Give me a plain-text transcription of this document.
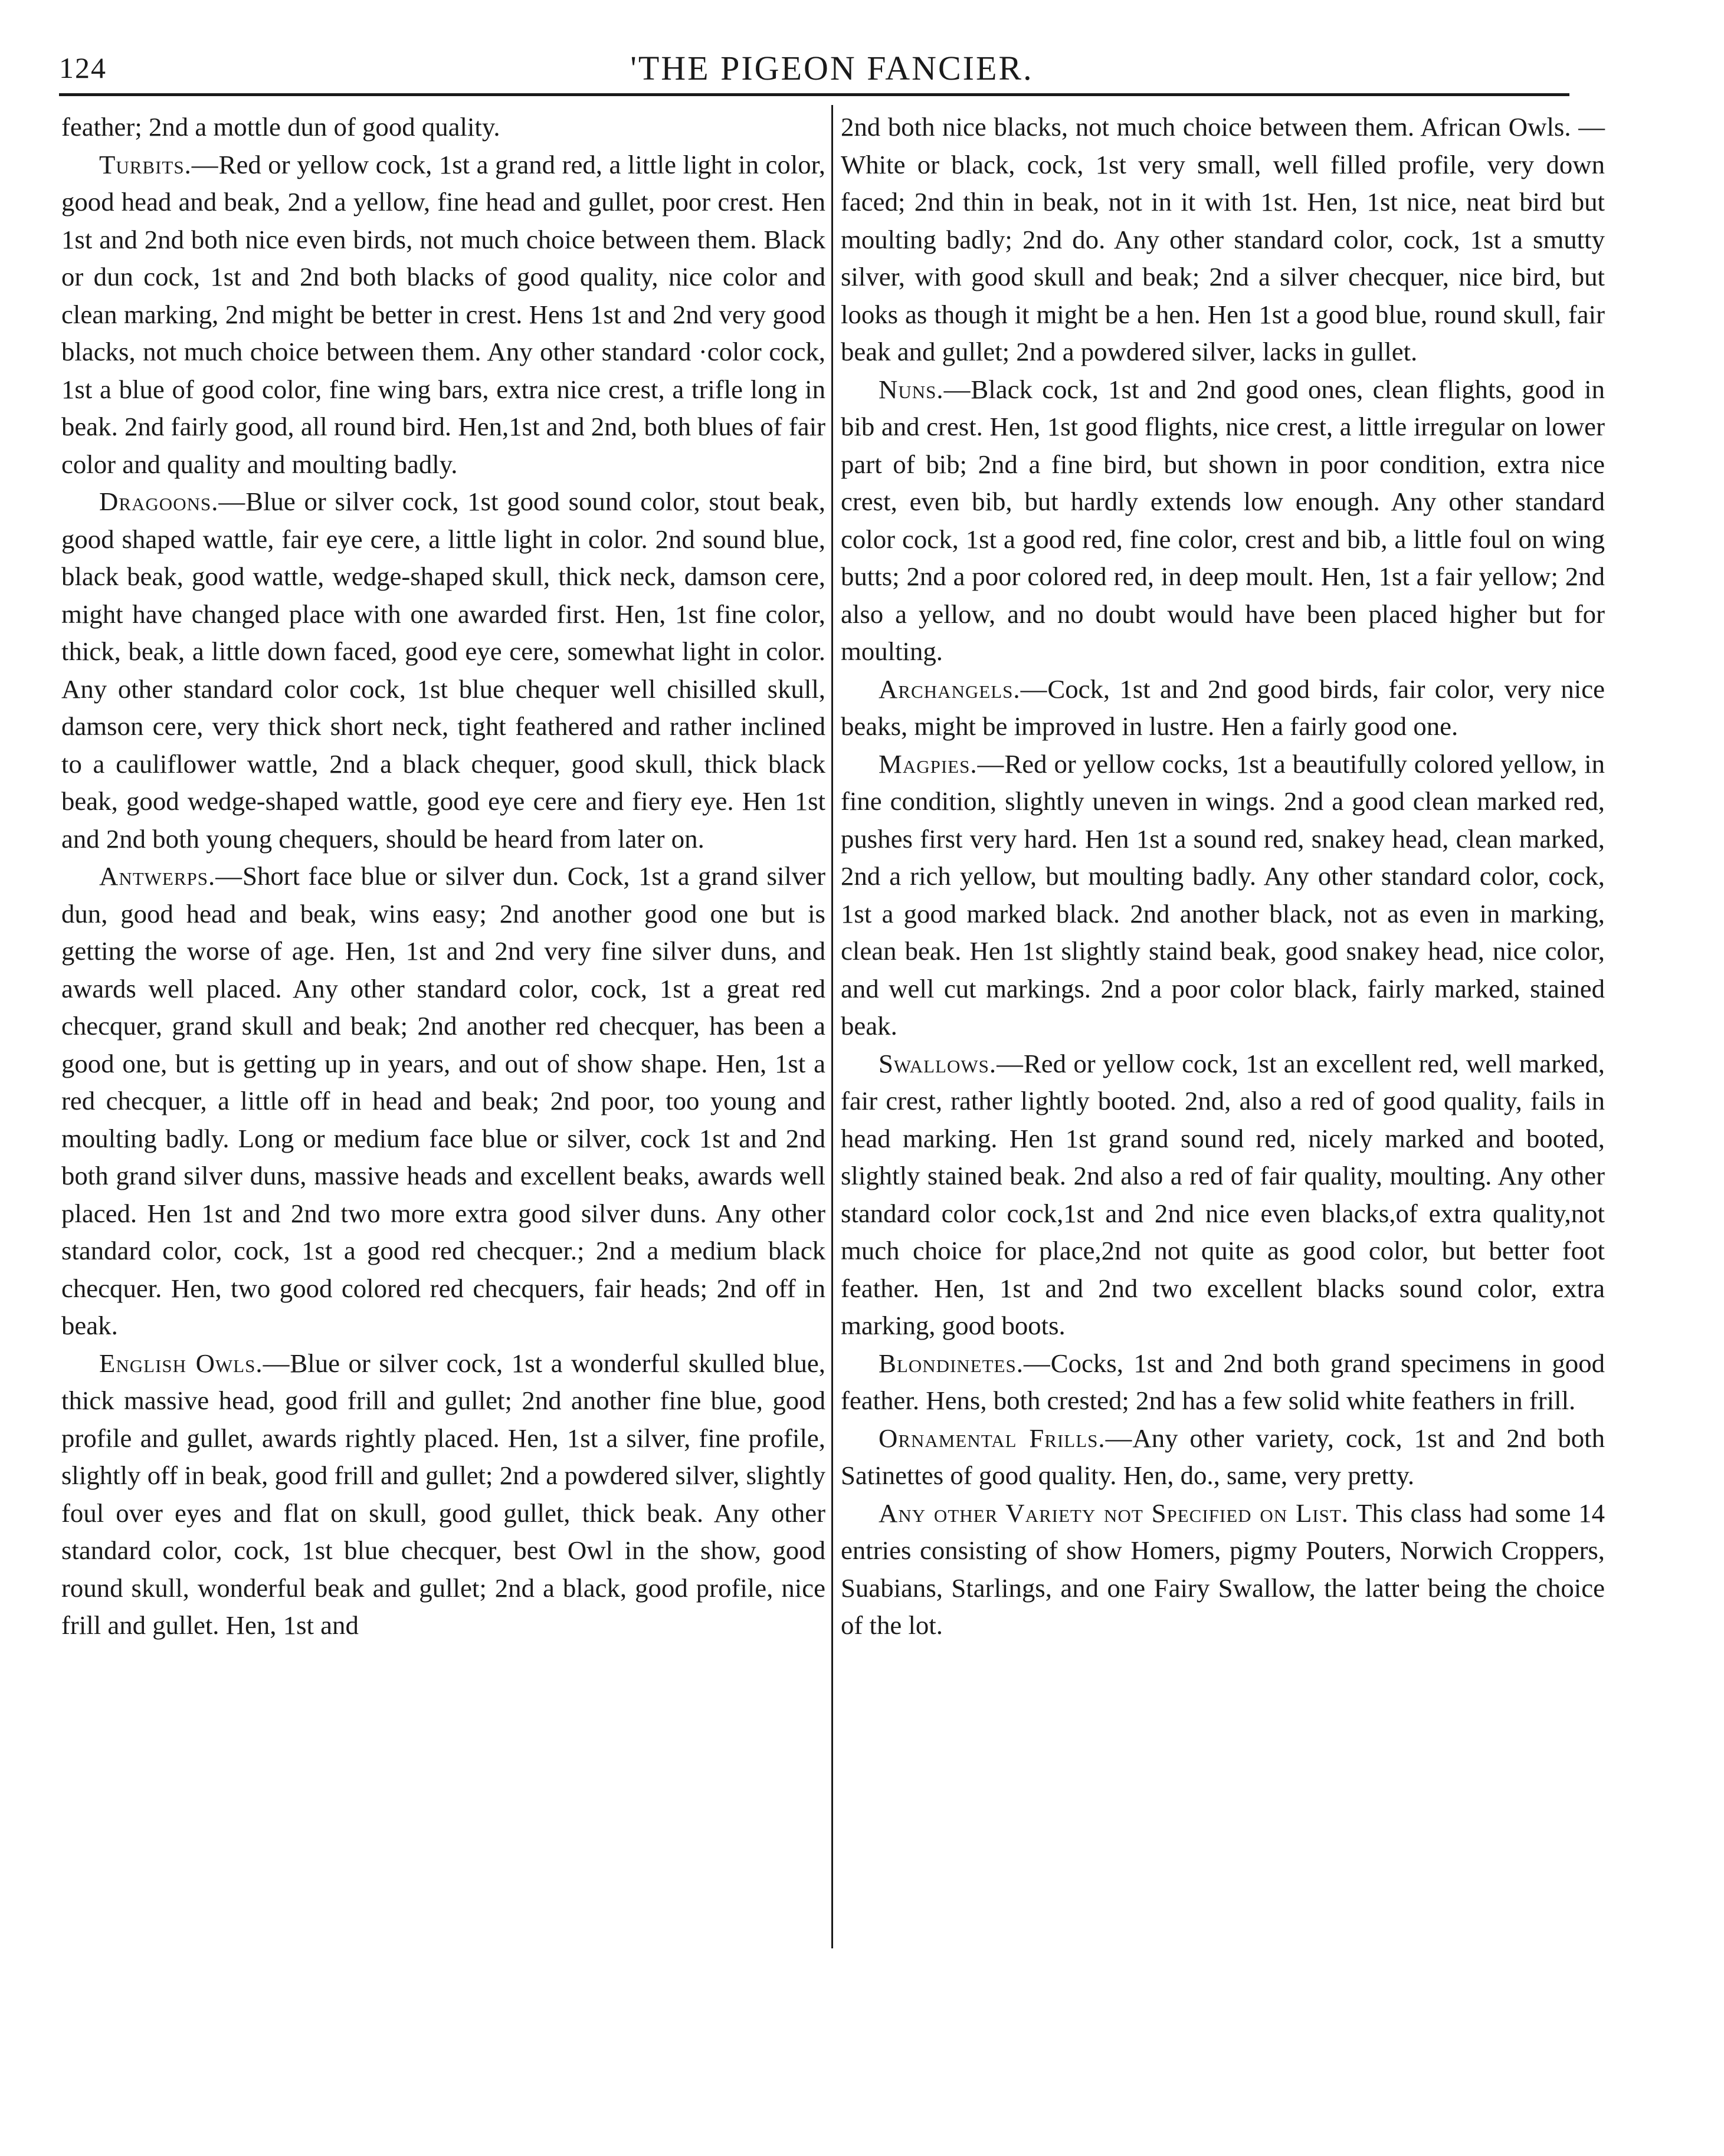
124	'THE PIGEON FANCIER.

feather; 2nd a mottle dun of good quality.

Turbits.—Red or yellow cock, 1st a grand red, a little light in color, good head and beak, 2nd a yellow, fine head and gullet, poor crest. Hen 1st and 2nd both nice even birds, not much choice between them. Black or dun cock, 1st and 2nd both blacks of good quality, nice color and clean marking, 2nd might be better in crest. Hens 1st and 2nd very good blacks, not much choice between them. Any other standard ·color cock, 1st a blue of good color, fine wing bars, extra nice crest, a trifle long in beak. 2nd fairly good, all round bird. Hen,1st and 2nd, both blues of fair color and quality and moulting badly.

Dragoons.—Blue or silver cock, 1st good sound color, stout beak, good shaped wattle, fair eye cere, a little light in color. 2nd sound blue, black beak, good wattle, wedge-shaped skull, thick neck, damson cere, might have changed place with one awarded first. Hen, 1st fine color, thick, beak, a little down faced, good eye cere, somewhat light in color. Any other standard color cock, 1st blue chequer well chisilled skull, damson cere, very thick short neck, tight feathered and rather inclined to a cauliflower wattle, 2nd a black chequer, good skull, thick black beak, good wedge-shaped wattle, good eye cere and fiery eye. Hen 1st and 2nd both young chequers, should be heard from later on.

Antwerps.—Short face blue or silver dun. Cock, 1st a grand silver dun, good head and beak, wins easy; 2nd another good one but is getting the worse of age. Hen, 1st and 2nd very fine silver duns, and awards well placed. Any other standard color, cock, 1st a great red checquer, grand skull and beak; 2nd another red checquer, has been a good one, but is getting up in years, and out of show shape. Hen, 1st a red checquer, a little off in head and beak; 2nd poor, too young and moulting badly. Long or medium face blue or silver, cock 1st and 2nd both grand silver duns, massive heads and excellent beaks, awards well placed. Hen 1st and 2nd two more extra good silver duns. Any other standard color, cock, 1st a good red checquer.; 2nd a medium black checquer. Hen, two good colored red checquers, fair heads; 2nd off in beak.

English Owls.—Blue or silver cock, 1st a wonderful skulled blue, thick massive head, good frill and gullet; 2nd another fine blue, good profile and gullet, awards rightly placed. Hen, 1st a silver, fine profile, slightly off in beak, good frill and gullet; 2nd a powdered silver, slightly foul over eyes and flat on skull, good gullet, thick beak. Any other standard color, cock, 1st blue checquer, best Owl in the show, good round skull, wonderful beak and gullet; 2nd a black, good profile, nice frill and gullet. Hen, 1st and

2nd both nice blacks, not much choice between them. African Owls. — White or black, cock, 1st very small, well filled profile, very down faced; 2nd thin in beak, not in it with 1st. Hen, 1st nice, neat bird but moulting badly; 2nd do. Any other standard color, cock, 1st a smutty silver, with good skull and beak; 2nd a silver checquer, nice bird, but looks as though it might be a hen. Hen 1st a good blue, round skull, fair beak and gullet; 2nd a powdered silver, lacks in gullet.

Nuns.—Black cock, 1st and 2nd good ones, clean flights, good in bib and crest. Hen, 1st good flights, nice crest, a little irregular on lower part of bib; 2nd a fine bird, but shown in poor condition, extra nice crest, even bib, but hardly extends low enough. Any other standard color cock, 1st a good red, fine color, crest and bib, a little foul on wing butts; 2nd a poor colored red, in deep moult. Hen, 1st a fair yellow; 2nd also a yellow, and no doubt would have been placed higher but for moulting.

Archangels.—Cock, 1st and 2nd good birds, fair color, very nice beaks, might be improved in lustre. Hen a fairly good one.

Magpies.—Red or yellow cocks, 1st a beautifully colored yellow, in fine condition, slightly uneven in wings. 2nd a good clean marked red, pushes first very hard. Hen 1st a sound red, snakey head, clean marked, 2nd a rich yellow, but moulting badly. Any other standard color, cock, 1st a good marked black. 2nd another black, not as even in marking, clean beak. Hen 1st slightly staind beak, good snakey head, nice color, and well cut markings. 2nd a poor color black, fairly marked, stained beak.

Swallows.—Red or yellow cock, 1st an excellent red, well marked, fair crest, rather lightly booted. 2nd, also a red of good quality, fails in head marking. Hen 1st grand sound red, nicely marked and booted, slightly stained beak. 2nd also a red of fair quality, moulting. Any other standard color cock,1st and 2nd nice even blacks,of extra quality,not much choice for place,2nd not quite as good color, but better foot feather. Hen, 1st and 2nd two excellent blacks sound color, extra marking, good boots.

Blondinetes.—Cocks, 1st and 2nd both grand specimens in good feather. Hens, both crested; 2nd has a few solid white feathers in frill.

Ornamental Frills.—Any other variety, cock, 1st and 2nd both Satinettes of good quality. Hen, do., same, very pretty.

Any other Variety not Specified on List. This class had some 14 entries consisting of show Homers, pigmy Pouters, Norwich Croppers, Suabians, Starlings, and one Fairy Swallow, the latter being the choice of the lot.
